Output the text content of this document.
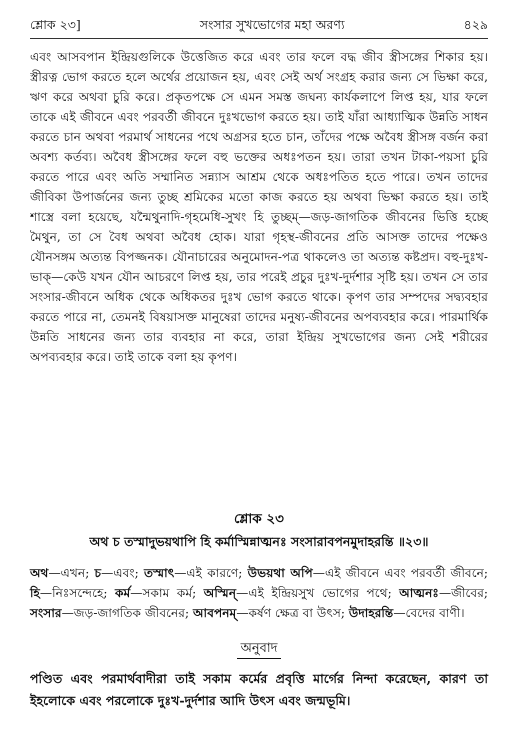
শ্লোক ২৩]	সংসার সুখভোগের মহা অরণ্য	৪২৯

এবং আসবপান ইন্দ্রিয়গুলিকে উত্তেজিত করে এবং তার ফলে বদ্ধ জীব স্ত্রীসঙ্গের শিকার হয়। স্ত্রীরত্ন ভোগ করতে হলে অর্থের প্রয়োজন হয়, এবং সেই অর্থ সংগ্রহ করার জন্য সে ভিক্ষা করে, ঋণ করে অথবা চুরি করে। প্রকৃতপক্ষে সে এমন সমস্ত জঘন্য কার্যকলাপে লিপ্ত হয়, যার ফলে তাকে এই জীবনে এবং পরবর্তী জীবনে দুঃখভোগ করতে হয়। তাই যাঁরা আধ্যাত্মিক উন্নতি সাধন করতে চান অথবা পরমার্থ সাধনের পথে অগ্রসর হতে চান, তাঁদের পক্ষে অবৈধ স্ত্রীসঙ্গ বর্জন করা অবশ্য কর্তব্য। অবৈধ স্ত্রীসঙ্গের ফলে বহু ভক্তের অধঃপতন হয়। তারা তখন টাকা-পয়সা চুরি করতে পারে এবং অতি সম্মানিত সন্ন্যাস আশ্রম থেকে অধঃপতিত হতে পারে। তখন তাদের জীবিকা উপার্জনের জন্য তুচ্ছ শ্রমিকের মতো কাজ করতে হয় অথবা ভিক্ষা করতে হয়। তাই শাস্ত্রে বলা হয়েছে, যন্মৈথুনাদি-গৃহমেধি-সুখং হি তুচ্ছম্—জড়-জাগতিক জীবনের ভিত্তি হচ্ছে মৈথুন, তা সে বৈধ অথবা অবৈধ হোক। যারা গৃহস্থ-জীবনের প্রতি আসক্ত তাদের পক্ষেও যৌনসঙ্গম অত্যন্ত বিপজ্জনক। যৌনাচারের অনুমোদন-পত্র থাকলেও তা অত্যন্ত কষ্টপ্রদ। বহু-দুঃখ-ভাক্—কেউ যখন যৌন আচরণে লিপ্ত হয়, তার পরেই প্রচুর দুঃখ-দুর্দশার সৃষ্টি হয়। তখন সে তার সংসার-জীবনে অধিক থেকে অধিকতর দুঃখ ভোগ করতে থাকে। কৃপণ তার সম্পদের সদ্ব্যবহার করতে পারে না, তেমনই বিষয়াসক্ত মানুষেরা তাদের মনুষ্য-জীবনের অপব্যবহার করে। পারমার্থিক উন্নতি সাধনের জন্য তার ব্যবহার না করে, তারা ইন্দ্রিয় সুখভোগের জন্য সেই শরীরের অপব্যবহার করে। তাই তাকে বলা হয় কৃপণ।

শ্লোক ২৩
অথ চ তস্মাদুভয়থাপি হি কর্মাস্মিন্নাত্মনঃ সংসারাবপনমুদাহরন্তি ॥২৩॥

অথ—এখন; চ—এবং; তস্মাৎ—এই কারণে; উভয়থা অপি—এই জীবনে এবং পরবর্তী জীবনে; হি—নিঃসন্দেহে; কর্ম—সকাম কর্ম; অস্মিন্—এই ইন্দ্রিয়সুখ ভোগের পথে; আত্মনঃ—জীবের; সংসার—জড়-জাগতিক জীবনের; আবপনম্—কর্ষণ ক্ষেত্র বা উৎস; উদাহরন্তি—বেদের বাণী।

অনুবাদ

পণ্ডিত এবং পরমার্থবাদীরা তাই সকাম কর্মের প্রবৃত্তি মার্গের নিন্দা করেছেন, কারণ তা ইহলোকে এবং পরলোকে দুঃখ-দুর্দশার আদি উৎস এবং জন্মভূমি।
